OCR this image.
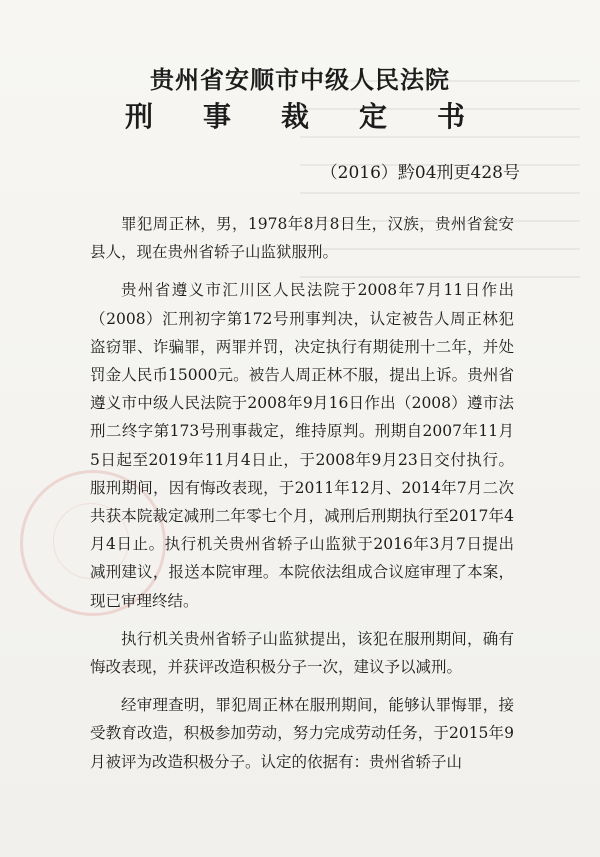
贵州省安顺市中级人民法院
刑 事 裁 定 书
（2016）黔04刑更428号

罪犯周正林，男，1978年8月8日生，汉族，贵州省瓮安县人，现在贵州省轿子山监狱服刑。

贵州省遵义市汇川区人民法院于2008年7月11日作出（2008）汇刑初字第172号刑事判决，认定被告人周正林犯盗窃罪、诈骗罪，两罪并罚，决定执行有期徒刑十二年，并处罚金人民币15000元。被告人周正林不服，提出上诉。贵州省遵义市中级人民法院于2008年9月16日作出（2008）遵市法刑二终字第173号刑事裁定，维持原判。刑期自2007年11月5日起至2019年11月4日止，于2008年9月23日交付执行。服刑期间，因有悔改表现，于2011年12月、2014年7月二次共获本院裁定减刑二年零七个月，减刑后刑期执行至2017年4月4日止。执行机关贵州省轿子山监狱于2016年3月7日提出减刑建议，报送本院审理。本院依法组成合议庭审理了本案，现已审理终结。

执行机关贵州省轿子山监狱提出，该犯在服刑期间，确有悔改表现，并获评改造积极分子一次，建议予以减刑。

经审理查明，罪犯周正林在服刑期间，能够认罪悔罪，接受教育改造，积极参加劳动，努力完成劳动任务，于2015年9月被评为改造积极分子。认定的依据有：贵州省轿子山
